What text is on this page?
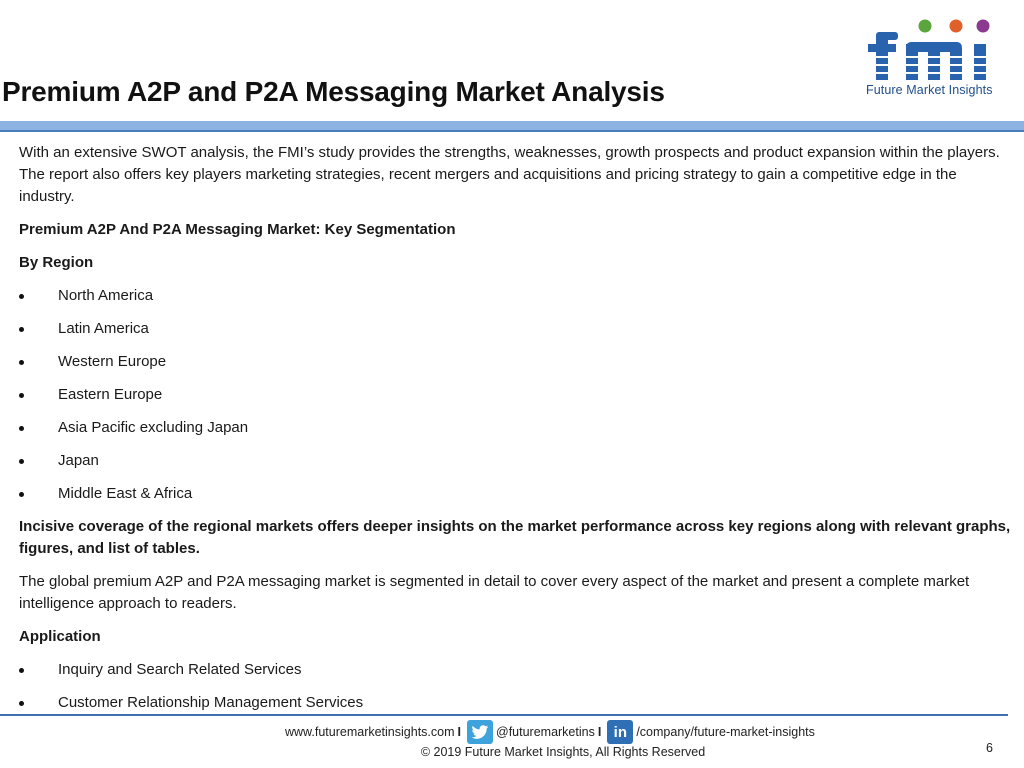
Premium A2P and P2A Messaging Market Analysis	Future Market Insights

With an extensive SWOT analysis, the FMI’s study provides the strengths, weaknesses, growth prospects and product expansion within the players. The report also offers key players marketing strategies, recent mergers and acquisitions and pricing strategy to gain a competitive edge in the industry.

Premium A2P And P2A Messaging Market: Key Segmentation

By Region

North America
Latin America
Western Europe
Eastern Europe
Asia Pacific excluding Japan
Japan
Middle East & Africa

Incisive coverage of the regional markets offers deeper insights on the market performance across key regions along with relevant graphs, figures, and list of tables.

The global premium A2P and P2A messaging market is segmented in detail to cover every aspect of the market and present a complete market intelligence approach to readers.

Application

Inquiry and Search Related Services
Customer Relationship Management Services
www.futuremarketinsights.com I	@futuremarketins I in /company/future-market-insights
© 2019 Future Market Insights, All Rights Reserved	6
